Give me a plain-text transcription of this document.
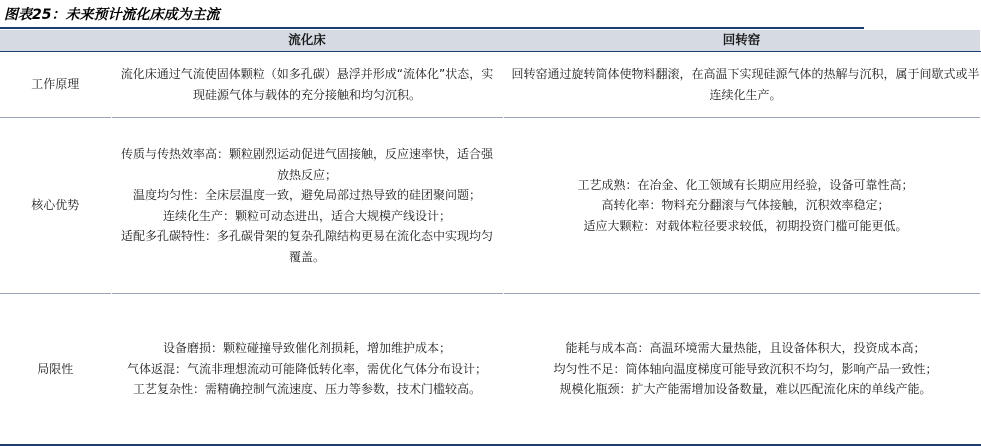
图表25：未来预计流化床成为主流
	流化床	回转窑
工作原理	流化床通过气流使固体颗粒（如多孔碳）悬浮并形成“流体化”状态，实现硅源气体与载体的充分接触和均匀沉积。	回转窑通过旋转筒体使物料翻滚，在高温下实现硅源气体的热解与沉积，属于间歇式或半连续化生产。

核心优势	传质与传热效率高：颗粒剧烈运动促进气固接触，反应速率快，适合强放热反应；
温度均匀性：全床层温度一致，避免局部过热导致的硅团聚问题；
连续化生产：颗粒可动态进出，适合大规模产线设计；
适配多孔碳特性：多孔碳骨架的复杂孔隙结构更易在流化态中实现均匀覆盖。	工艺成熟：在冶金、化工领域有长期应用经验，设备可靠性高；
高转化率：物料充分翻滚与气体接触，沉积效率稳定；
适应大颗粒：对载体粒径要求较低，初期投资门槛可能更低。

局限性	设备磨损：颗粒碰撞导致催化剂损耗，增加维护成本；
气体返混：气流非理想流动可能降低转化率，需优化气体分布设计；
工艺复杂性：需精确控制气流速度、压力等参数，技术门槛较高。	能耗与成本高：高温环境需大量热能，且设备体积大，投资成本高；
均匀性不足：筒体轴向温度梯度可能导致沉积不均匀，影响产品一致性；
规模化瓶颈：扩大产能需增加设备数量，难以匹配流化床的单线产能。
